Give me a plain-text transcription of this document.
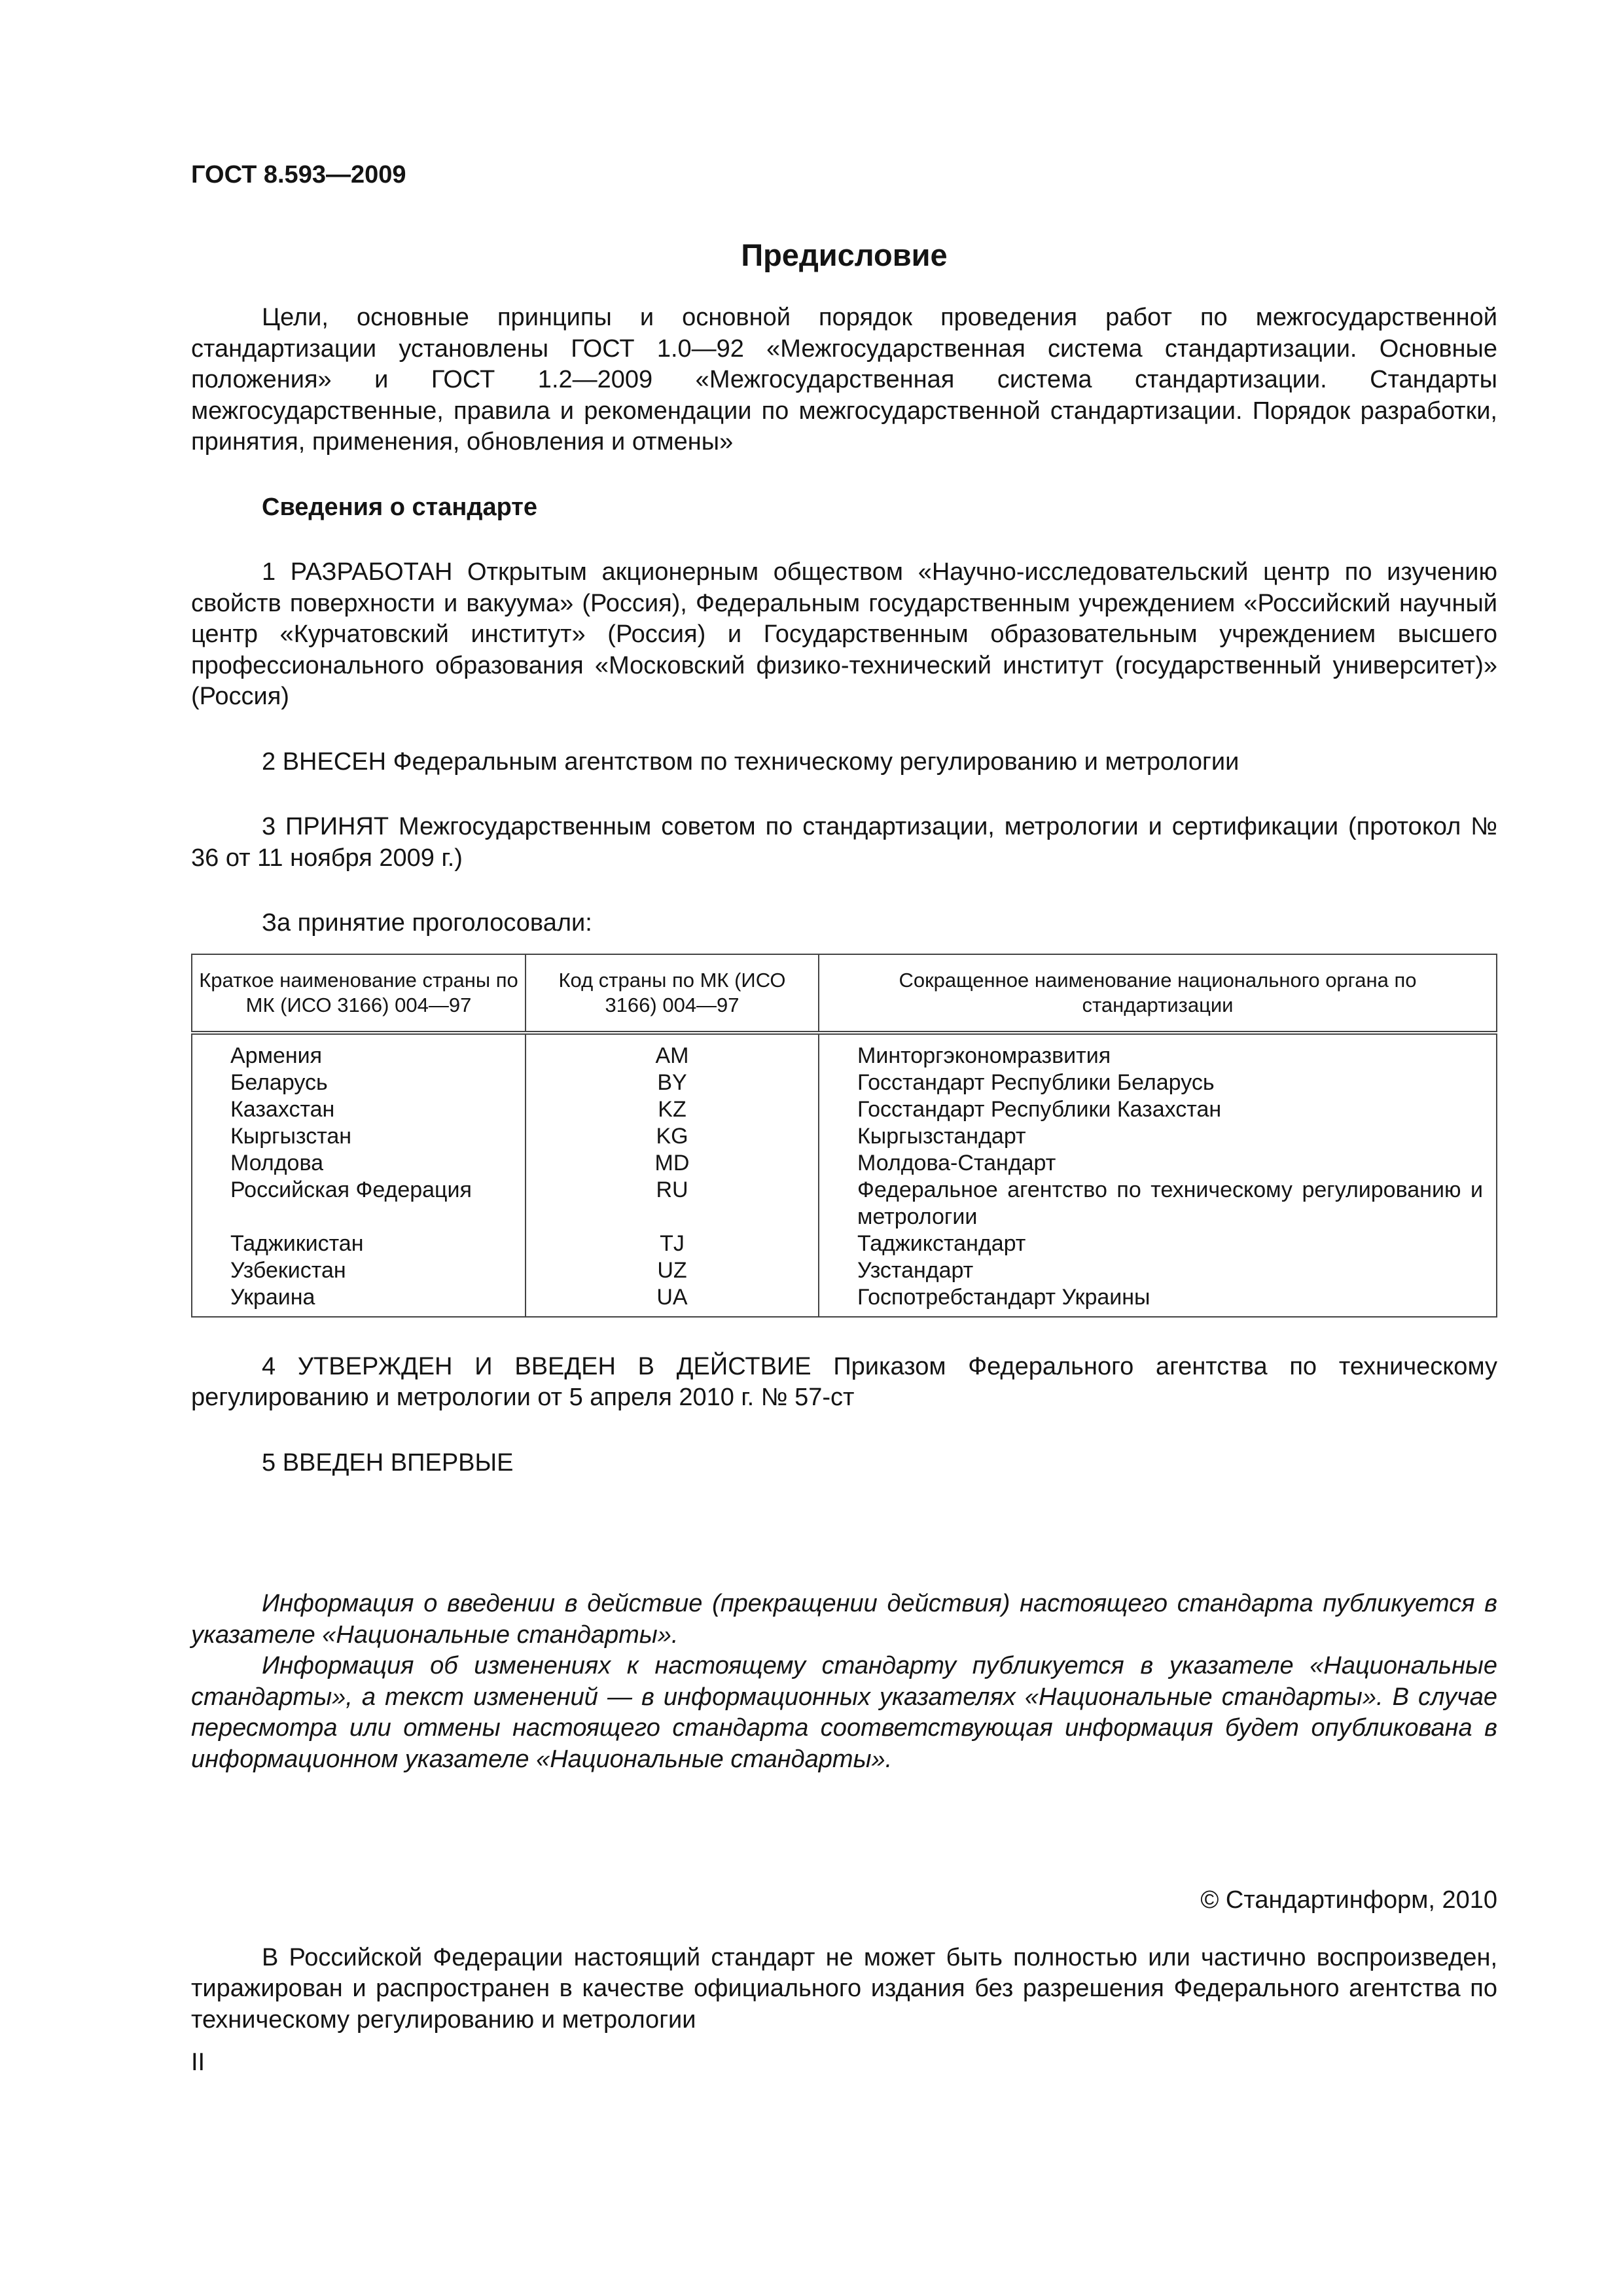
ГОСТ 8.593—2009
Предисловие

Цели, основные принципы и основной порядок проведения работ по межгосударственной стандартизации установлены ГОСТ 1.0—92 «Межгосударственная система стандартизации. Основные положения» и ГОСТ 1.2—2009 «Межгосударственная система стандартизации. Стандарты межгосударственные, правила и рекомендации по межгосударственной стандартизации. Порядок разработки, принятия, применения, обновления и отмены»

Сведения о стандарте

1 РАЗРАБОТАН Открытым акционерным обществом «Научно-исследовательский центр по изучению свойств поверхности и вакуума» (Россия), Федеральным государственным учреждением «Российский научный центр «Курчатовский институт» (Россия) и Государственным образовательным учреждением высшего профессионального образования «Московский физико-технический институт (государственный университет)» (Россия)

2 ВНЕСЕН Федеральным агентством по техническому регулированию и метрологии

3 ПРИНЯТ Межгосударственным советом по стандартизации, метрологии и сертификации (протокол № 36 от 11 ноября 2009 г.)

За принятие проголосовали:
Краткое наименование страны по МК (ИСО 3166) 004—97	Код страны по МК (ИСО 3166) 004—97	Сокращенное наименование национального органа по стандартизации
Армения	AM	Минторгэкономразвития
Беларусь	BY	Госстандарт Республики Беларусь
Казахстан	KZ	Госстандарт Республики Казахстан
Кыргызстан	KG	Кыргызстандарт
Молдова	MD	Молдова-Стандарт
Российская Федерация	RU	Федеральное агентство по техническому регулированию и метрологии
Таджикистан	TJ	Таджикстандарт
Узбекистан	UZ	Узстандарт
Украина	UA	Госпотребстандарт Украины

4 УТВЕРЖДЕН И ВВЕДЕН В ДЕЙСТВИЕ Приказом Федерального агентства по техническому регулированию и метрологии от 5 апреля 2010 г. № 57-ст

5 ВВЕДЕН ВПЕРВЫЕ

Информация о введении в действие (прекращении действия) настоящего стандарта публикуется в указателе «Национальные стандарты».

Информация об изменениях к настоящему стандарту публикуется в указателе «Национальные стандарты», а текст изменений — в информационных указателях «Национальные стандарты». В случае пересмотра или отмены настоящего стандарта соответствующая информация будет опубликована в информационном указателе «Национальные стандарты».

© Стандартинформ, 2010

В Российской Федерации настоящий стандарт не может быть полностью или частично воспроизведен, тиражирован и распространен в качестве официального издания без разрешения Федерального агентства по техническому регулированию и метрологии

II
